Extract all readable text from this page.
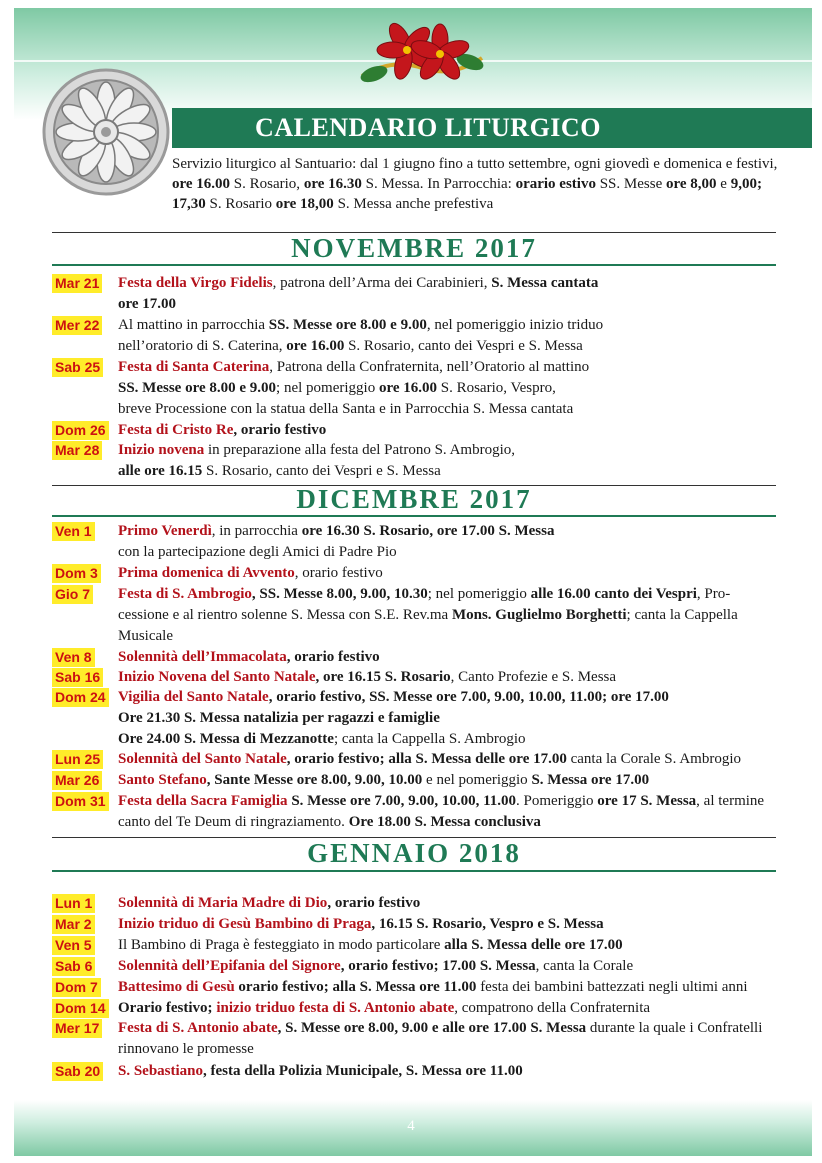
CALENDARIO LITURGICO
Servizio liturgico al Santuario: dal 1 giugno fino a tutto settembre, ogni giovedì e domenica e festivi,
ore 16.00 S. Rosario, ore 16.30 S. Messa. In Parrocchia: orario estivo SS. Messe ore 8,00 e 9,00;
17,30 S. Rosario ore 18,00 S. Messa anche prefestiva
NOVEMBRE 2017
Mar 21 Festa della Virgo Fidelis, patrona dell’Arma dei Carabinieri, S. Messa cantata
ore 17.00
Mer 22 Al mattino in parrocchia SS. Messe ore 8.00 e 9.00, nel pomeriggio inizio triduo
nell’oratorio di S. Caterina, ore 16.00 S. Rosario, canto dei Vespri e S. Messa
Sab 25 Festa di Santa Caterina, Patrona della Confraternita, nell’Oratorio al mattino
SS. Messe ore 8.00 e 9.00; nel pomeriggio ore 16.00 S. Rosario, Vespro,
breve Processione con la statua della Santa e in Parrocchia S. Messa cantata
Dom 26 Festa di Cristo Re, orario festivo
Mar 28 Inizio novena in preparazione alla festa del Patrono S. Ambrogio,
alle ore 16.15 S. Rosario, canto dei Vespri e S. Messa
DICEMBRE 2017
Ven 1 Primo Venerdì, in parrocchia ore 16.30 S. Rosario, ore 17.00 S. Messa
con la partecipazione degli Amici di Padre Pio
Dom 3 Prima domenica di Avvento, orario festivo
Gio 7 Festa di S. Ambrogio, SS. Messe 8.00, 9.00, 10.30; nel pomeriggio alle 16.00 canto dei Vespri, Pro-
cessione e al rientro solenne S. Messa con S.E. Rev.ma Mons. Guglielmo Borghetti; canta la Cappella
Musicale
Ven 8 Solennità dell’Immacolata, orario festivo
Sab 16 Inizio Novena del Santo Natale, ore 16.15 S. Rosario, Canto Profezie e S. Messa
Dom 24 Vigilia del Santo Natale, orario festivo, SS. Messe ore 7.00, 9.00, 10.00, 11.00; ore 17.00
Ore 21.30 S. Messa natalizia per ragazzi e famiglie
Ore 24.00 S. Messa di Mezzanotte; canta la Cappella S. Ambrogio
Lun 25 Solennità del Santo Natale, orario festivo; alla S. Messa delle ore 17.00 canta la Corale S. Ambrogio
Mar 26 Santo Stefano, Sante Messe ore 8.00, 9.00, 10.00 e nel pomeriggio S. Messa ore 17.00
Dom 31 Festa della Sacra Famiglia S. Messe ore 7.00, 9.00, 10.00, 11.00. Pomeriggio ore 17 S. Messa, al termine
canto del Te Deum di ringraziamento. Ore 18.00 S. Messa conclusiva
GENNAIO 2018
Lun 1 Solennità di Maria Madre di Dio, orario festivo
Mar 2 Inizio triduo di Gesù Bambino di Praga, 16.15 S. Rosario, Vespro e S. Messa
Ven 5 Il Bambino di Praga è festeggiato in modo particolare alla S. Messa delle ore 17.00
Sab 6 Solennità dell’Epifania del Signore, orario festivo; 17.00 S. Messa, canta la Corale
Dom 7 Battesimo di Gesù orario festivo; alla S. Messa ore 11.00 festa dei bambini battezzati negli ultimi anni
Dom 14 Orario festivo; inizio triduo festa di S. Antonio abate, compatrono della Confraternita
Mer 17 Festa di S. Antonio abate, S. Messe ore 8.00, 9.00 e alle ore 17.00 S. Messa durante la quale i Confratelli
rinnovano le promesse
Sab 20 S. Sebastiano, festa della Polizia Municipale, S. Messa ore 11.00
4
